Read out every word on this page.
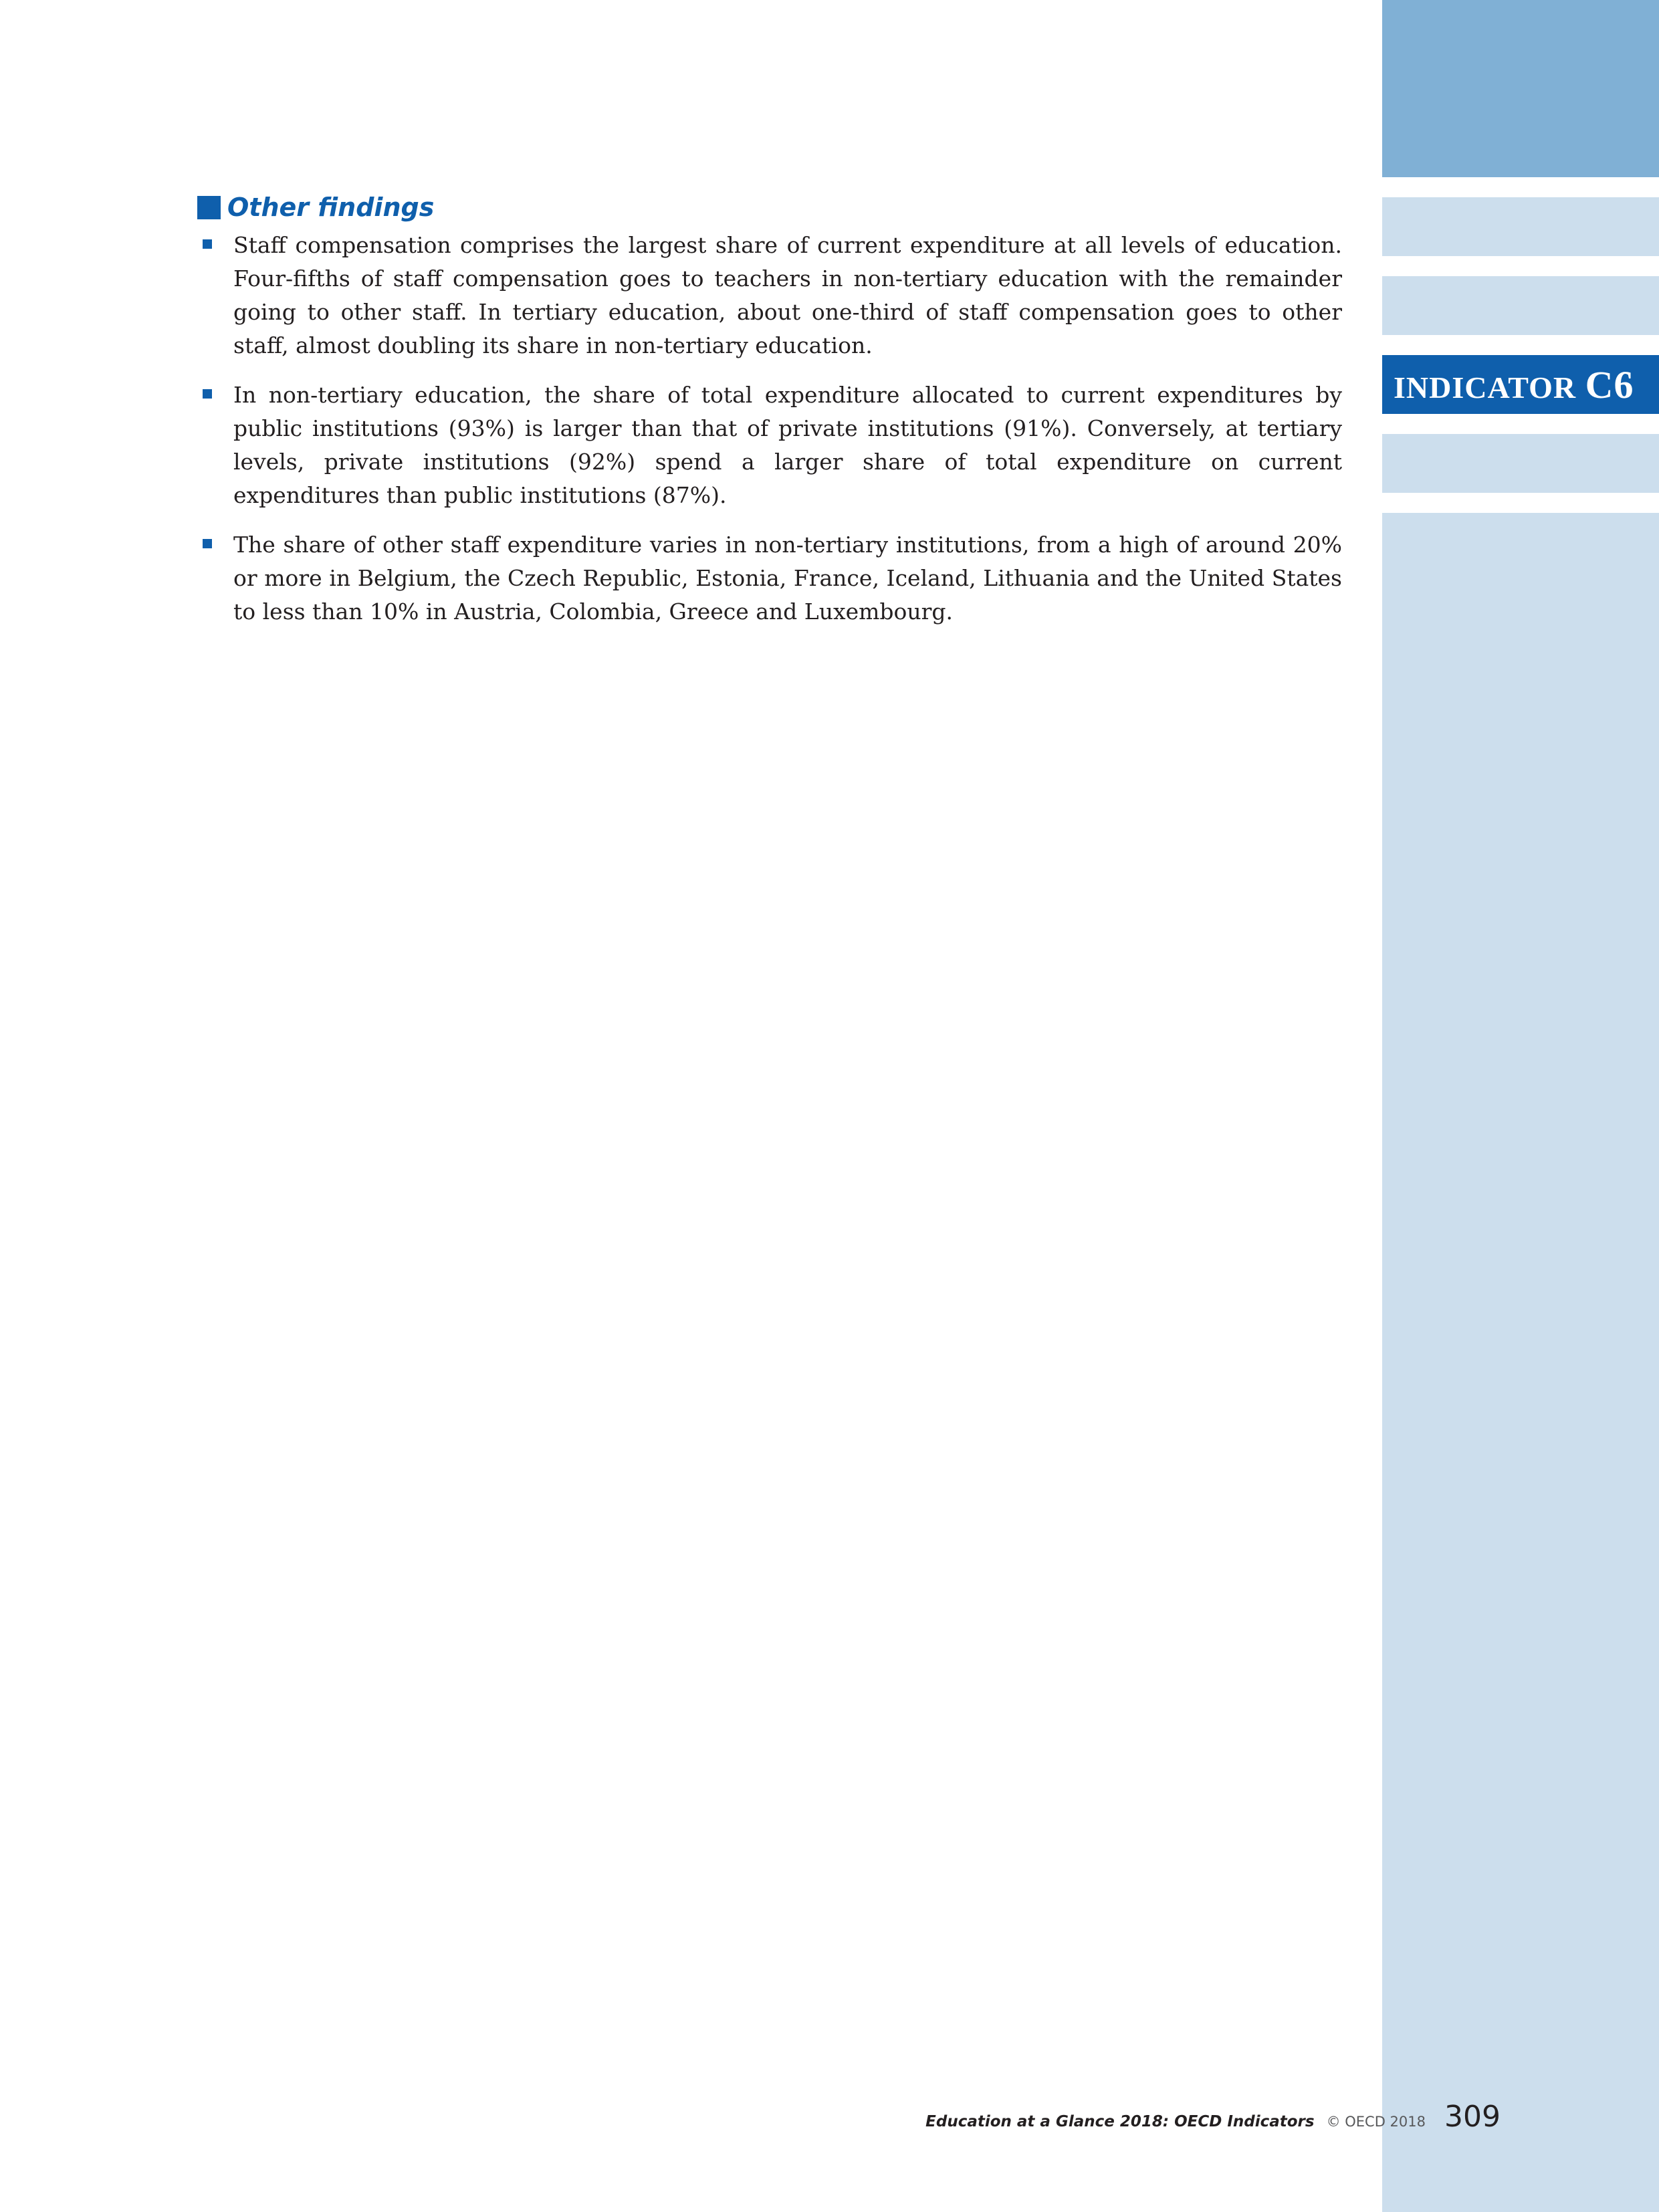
INDICATOR C6
Other findings
Staff compensation comprises the largest share of current expenditure at all levels of education. Four-fifths of staff compensation goes to teachers in non-tertiary education with the remainder going to other staff. In tertiary education, about one-third of staff compensation goes to other staff, almost doubling its share in non-tertiary education.
In non-tertiary education, the share of total expenditure allocated to current expenditures by public institutions (93%) is larger than that of private institutions (91%). Conversely, at tertiary levels, private institutions (92%) spend a larger share of total expenditure on current expenditures than public institutions (87%).
The share of other staff expenditure varies in non-tertiary institutions, from a high of around 20% or more in Belgium, the Czech Republic, Estonia, France, Iceland, Lithuania and the United States to less than 10% in Austria, Colombia, Greece and Luxembourg.
Education at a Glance 2018: OECD Indicators © OECD 2018 309
